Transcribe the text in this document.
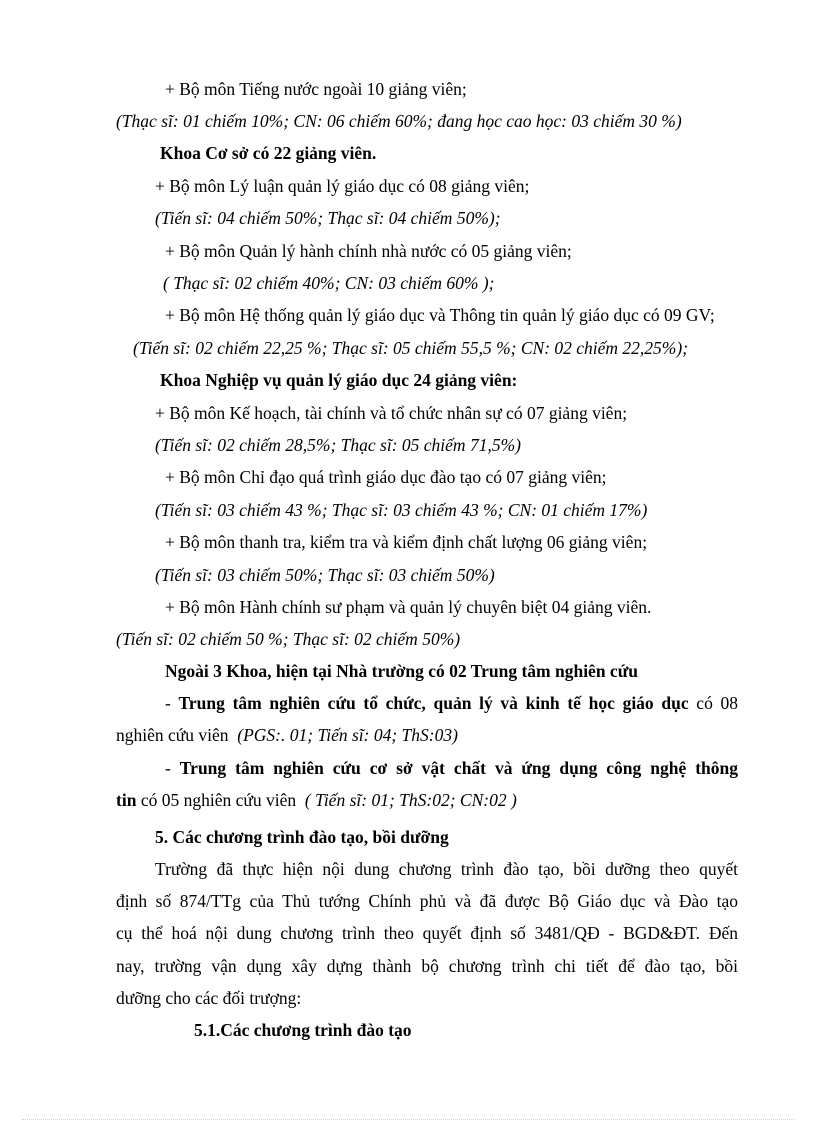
+ Bộ môn Tiếng nước ngoài 10 giảng viên;
(Thạc sĩ: 01 chiếm 10%; CN: 06 chiếm 60%; đang học cao học: 03 chiếm 30 %)
Khoa Cơ sở có 22 giảng viên.
+ Bộ môn Lý luận quản lý giáo dục có 08 giảng viên;
(Tiến sĩ: 04 chiếm 50%; Thạc sĩ: 04 chiếm 50%);
+ Bộ môn Quản lý hành chính nhà nước có 05 giảng viên;
( Thạc sĩ: 02 chiếm 40%; CN: 03 chiếm 60% );
+ Bộ môn Hệ thống quản lý giáo dục và Thông tin quản lý giáo dục có 09 GV;
(Tiến sĩ: 02 chiếm 22,25 %; Thạc sĩ: 05 chiếm 55,5 %; CN: 02 chiếm 22,25%);
Khoa Nghiệp vụ quản lý giáo dục 24 giảng viên:
+ Bộ môn Kế hoạch, tài chính và tổ chức nhân sự có 07 giảng viên;
(Tiến sĩ: 02 chiếm 28,5%; Thạc sĩ: 05 chiếm 71,5%)
+ Bộ môn Chỉ đạo quá trình giáo dục đào tạo có 07 giảng viên;
(Tiến sĩ: 03 chiếm 43 %; Thạc sĩ: 03 chiếm 43 %; CN: 01 chiếm 17%)
+ Bộ môn thanh tra, kiểm tra và kiểm định chất lượng 06 giảng viên;
(Tiến sĩ: 03 chiếm 50%; Thạc sĩ: 03 chiếm 50%)
+ Bộ môn Hành chính sư phạm và quản lý chuyên biệt 04 giảng viên.
(Tiến sĩ: 02 chiếm 50 %; Thạc sĩ: 02 chiếm 50%)
Ngoài 3 Khoa, hiện tại Nhà trường có 02 Trung tâm nghiên cứu
- Trung tâm nghiên cứu tổ chức, quản lý và kinh tế học giáo dục có 08
nghiên cứu viên (PGS:. 01; Tiến sĩ: 04; ThS:03)
- Trung tâm nghiên cứu cơ sở vật chất và ứng dụng công nghệ thông
tin có 05 nghiên cứu viên ( Tiến sĩ: 01; ThS:02; CN:02 )
5. Các chương trình đào tạo, bồi dưỡng
Trường đã thực hiện nội dung chương trình đào tạo, bồi dưỡng theo quyết
định số 874/TTg của Thủ tướng Chính phủ và đã được Bộ Giáo dục và Đào tạo
cụ thể hoá nội dung chương trình theo quyết định số 3481/QĐ - BGD&ĐT. Đến
nay, trường vận dụng xây dựng thành bộ chương trình chi tiết để đào tạo, bồi
dưỡng cho các đối trượng:
5.1.Các chương trình đào tạo
